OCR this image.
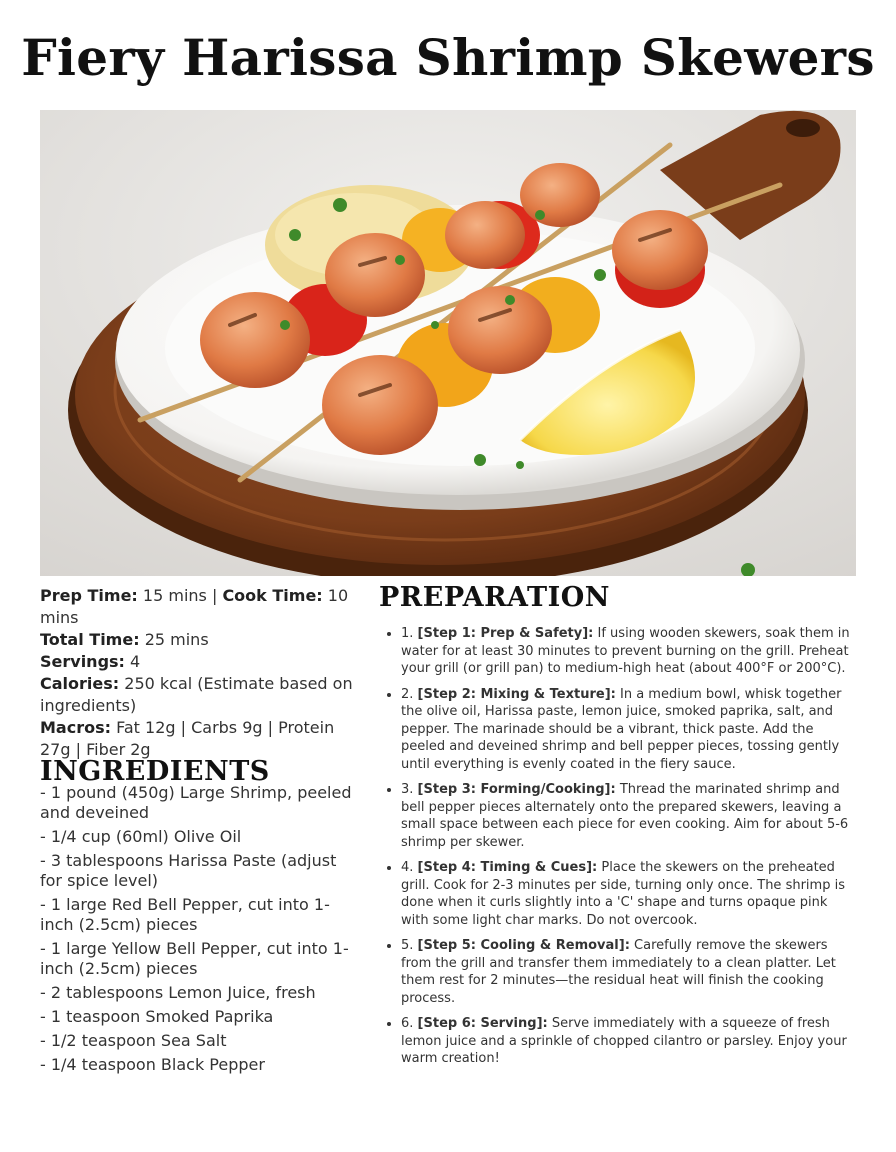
Fiery Harissa Shrimp Skewers

Prep Time: 15 mins | Cook Time: 10 mins

Total Time: 25 mins

Servings: 4

Calories: 250 kcal (Estimate based on ingredients)

Macros: Fat 12g | Carbs 9g | Protein 27g | Fiber 2g

INGREDIENTS
- 1 pound (450g) Large Shrimp, peeled and deveined
- 1/4 cup (60ml) Olive Oil
- 3 tablespoons Harissa Paste (adjust for spice level)
- 1 large Red Bell Pepper, cut into 1-inch (2.5cm) pieces
- 1 large Yellow Bell Pepper, cut into 1-inch (2.5cm) pieces
- 2 tablespoons Lemon Juice, fresh
- 1 teaspoon Smoked Paprika
- 1/2 teaspoon Sea Salt
- 1/4 teaspoon Black Pepper
PREPARATION
• 1. [Step 1: Prep & Safety]: If using wooden skewers, soak them in water for at least 30 minutes to prevent burning on the grill. Preheat your grill (or grill pan) to medium-high heat (about 400°F or 200°C).
• 2. [Step 2: Mixing & Texture]: In a medium bowl, whisk together the olive oil, Harissa paste, lemon juice, smoked paprika, salt, and pepper. The marinade should be a vibrant, thick paste. Add the peeled and deveined shrimp and bell pepper pieces, tossing gently until everything is evenly coated in the fiery sauce.
• 3. [Step 3: Forming/Cooking]: Thread the marinated shrimp and bell pepper pieces alternately onto the prepared skewers, leaving a small space between each piece for even cooking. Aim for about 5-6 shrimp per skewer.
• 4. [Step 4: Timing & Cues]: Place the skewers on the preheated grill. Cook for 2-3 minutes per side, turning only once. The shrimp is done when it curls slightly into a 'C' shape and turns opaque pink with some light char marks. Do not overcook.
• 5. [Step 5: Cooling & Removal]: Carefully remove the skewers from the grill and transfer them immediately to a clean platter. Let them rest for 2 minutes—the residual heat will finish the cooking process.
• 6. [Step 6: Serving]: Serve immediately with a squeeze of fresh lemon juice and a sprinkle of chopped cilantro or parsley. Enjoy your warm creation!
